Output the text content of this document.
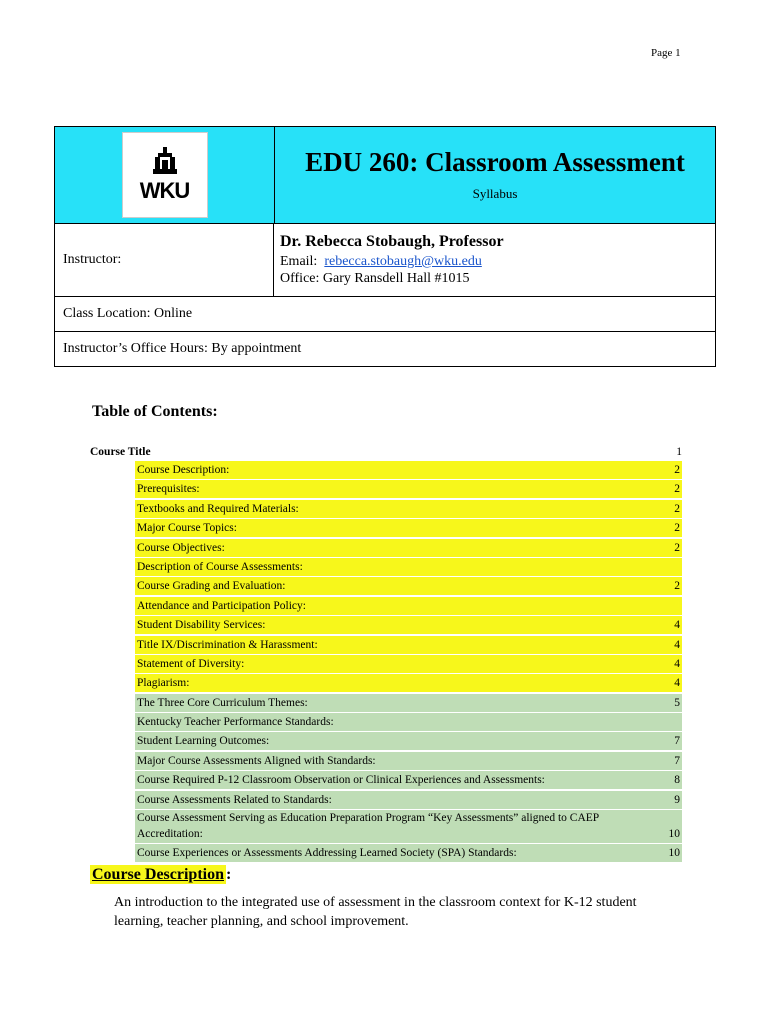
Page 1
WKU
EDU 260: Classroom Assessment
Syllabus
Instructor:
Dr. Rebecca Stobaugh, Professor
Email: rebecca.stobaugh@wku.edu
Office: Gary Ransdell Hall #1015
Class Location: Online
Instructor’s Office Hours: By appointment
Table of Contents:
Course Title	1
Course Description:	2
Prerequisites:	2
Textbooks and Required Materials:	2
Major Course Topics:	2
Course Objectives:	2
Description of Course Assessments:
Course Grading and Evaluation:	2
Attendance and Participation Policy:
Student Disability Services:	4
Title IX/Discrimination & Harassment:	4
Statement of Diversity:	4
Plagiarism:	4
The Three Core Curriculum Themes:	5
Kentucky Teacher Performance Standards:
Student Learning Outcomes:	7
Major Course Assessments Aligned with Standards:	7
Course Required P-12 Classroom Observation or Clinical Experiences and Assessments:	8
Course Assessments Related to Standards:	9
Course Assessment Serving as Education Preparation Program “Key Assessments” aligned to CAEP Accreditation:	10
Course Experiences or Assessments Addressing Learned Society (SPA) Standards:	10
Course Description :
An introduction to the integrated use of assessment in the classroom context for K-12 student learning, teacher planning, and school improvement.
